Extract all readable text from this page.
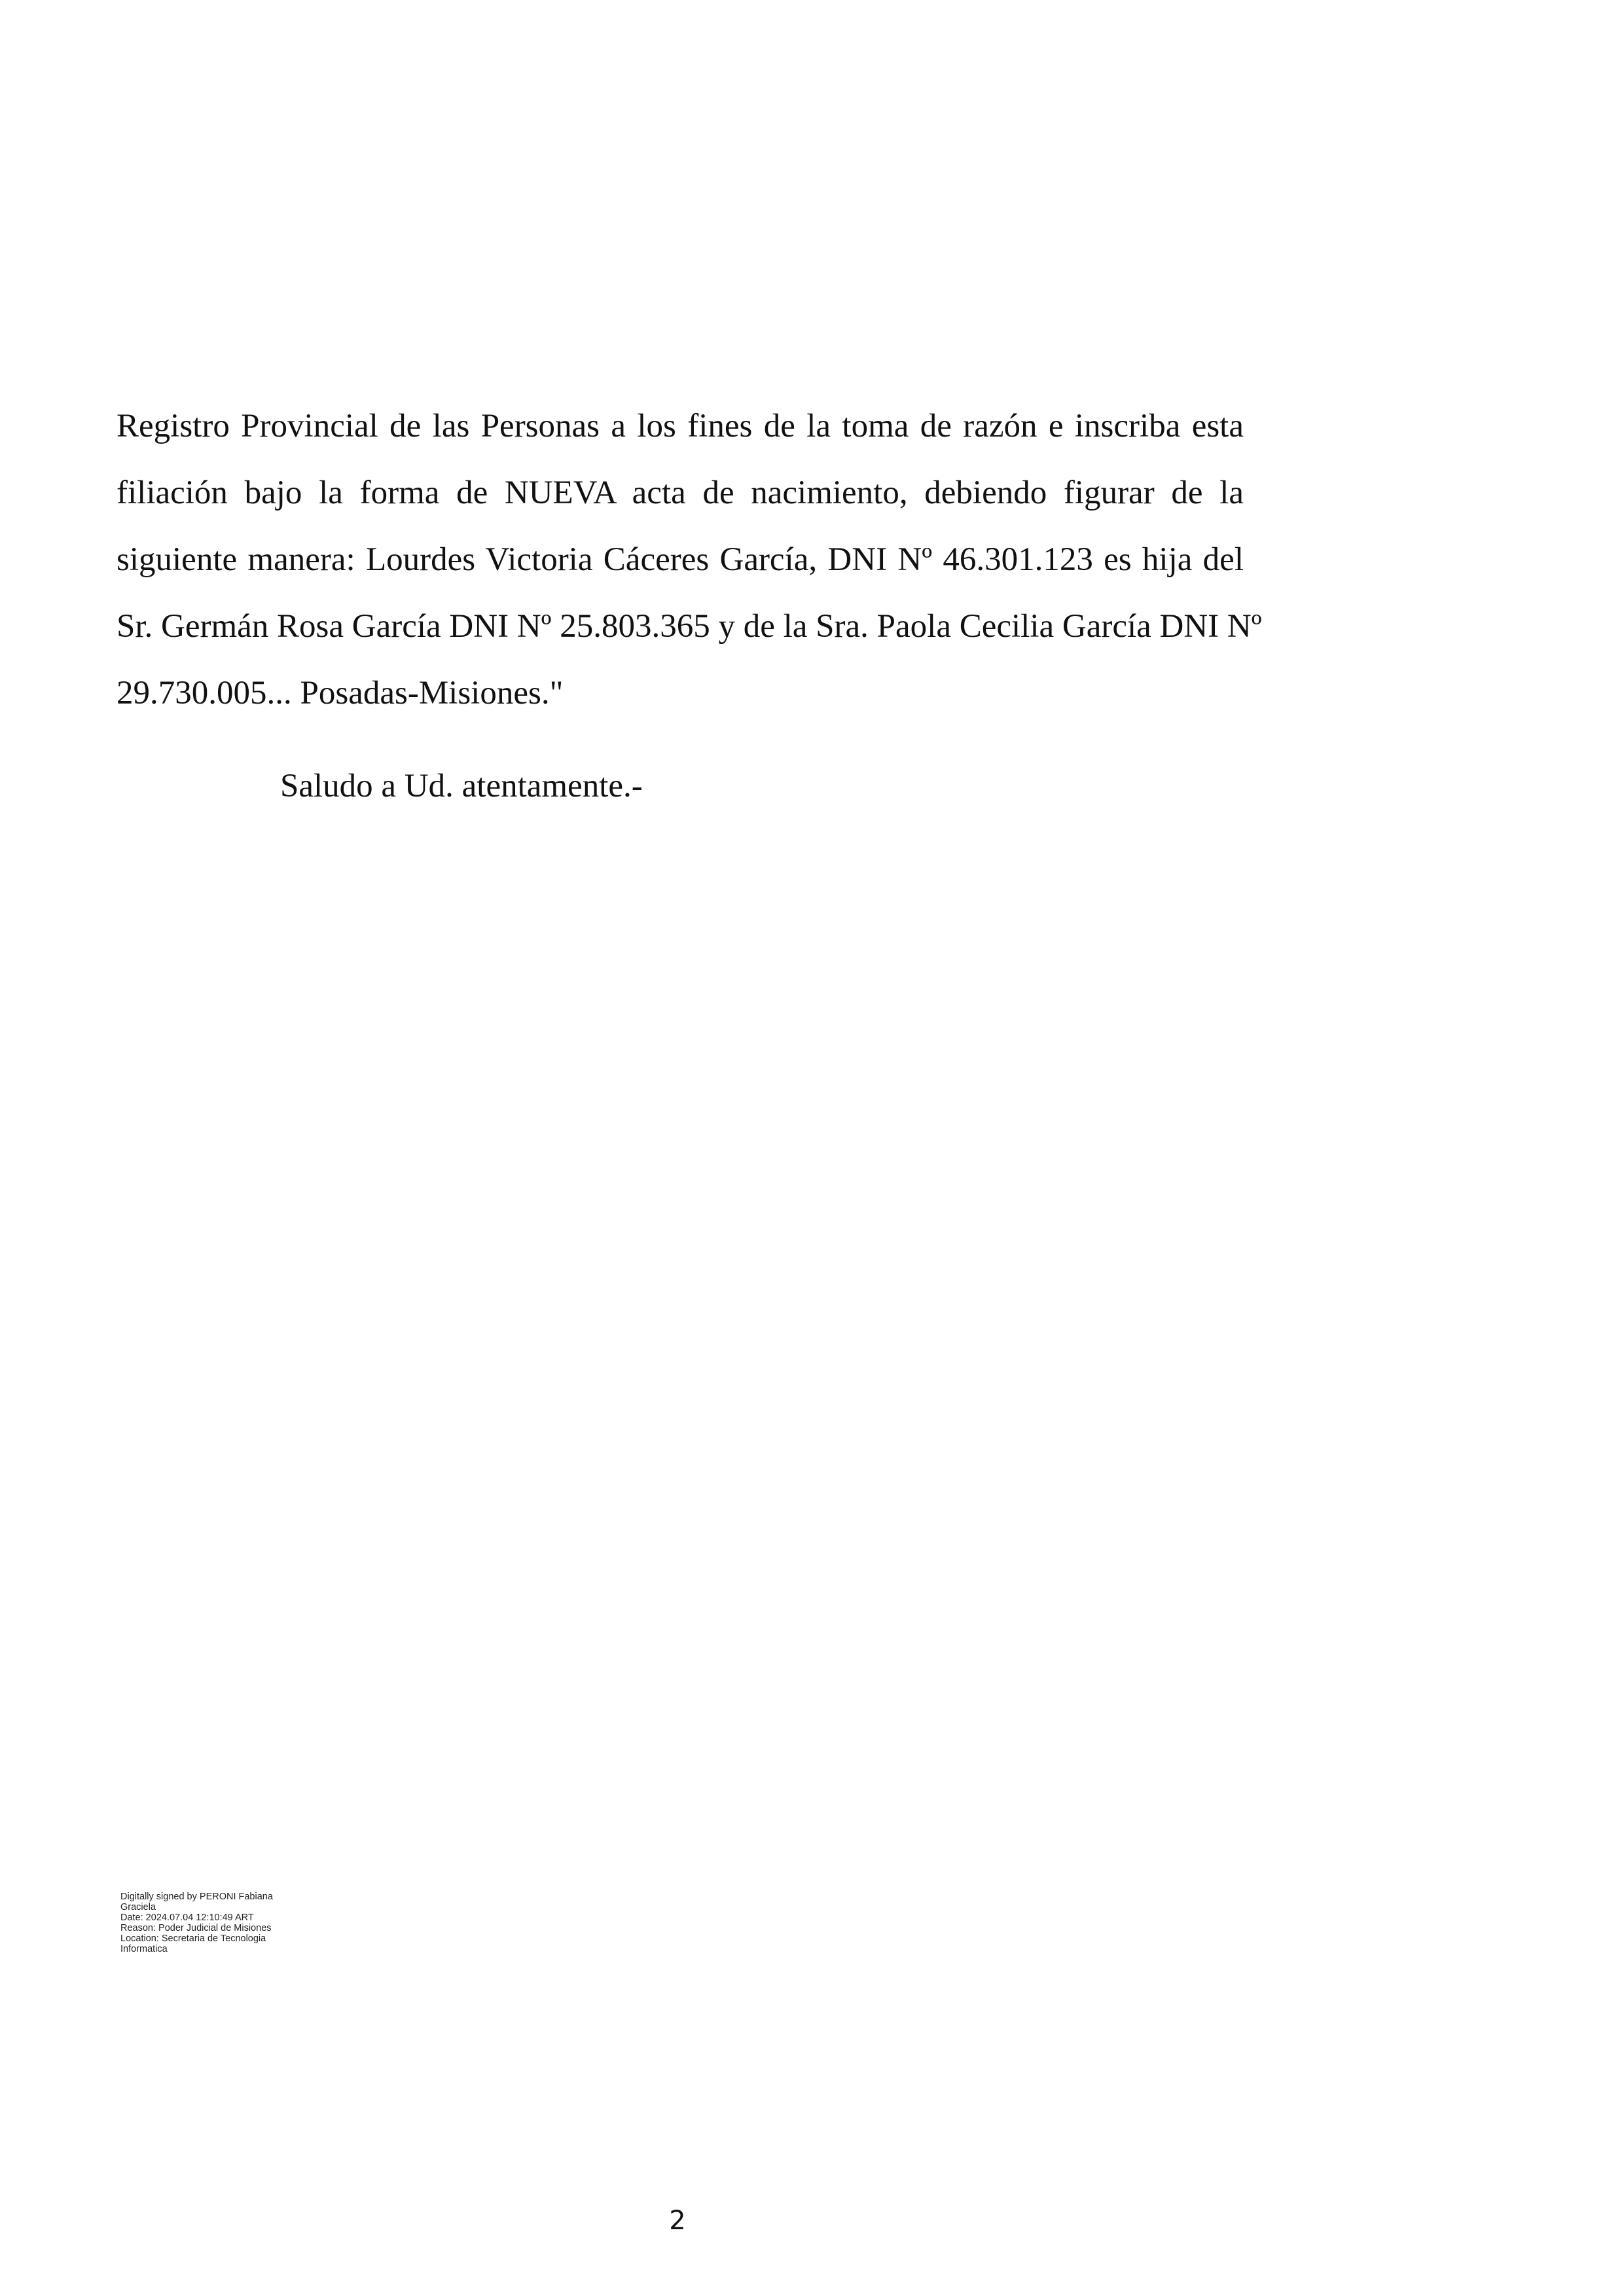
Registro Provincial de las Personas a los fines de la toma de razón e inscriba esta
filiación bajo la forma de NUEVA acta de nacimiento, debiendo figurar de la
siguiente manera: Lourdes Victoria Cáceres García, DNI Nº 46.301.123 es hija del
Sr. Germán Rosa García DNI Nº 25.803.365 y de la Sra. Paola Cecilia García DNI Nº
29.730.005... Posadas-Misiones."
Saludo a Ud. atentamente.-
Digitally signed by PERONI Fabiana
Graciela
Date: 2024.07.04 12:10:49 ART
Reason: Poder Judicial de Misiones
Location: Secretaria de Tecnologia
Informatica
2
